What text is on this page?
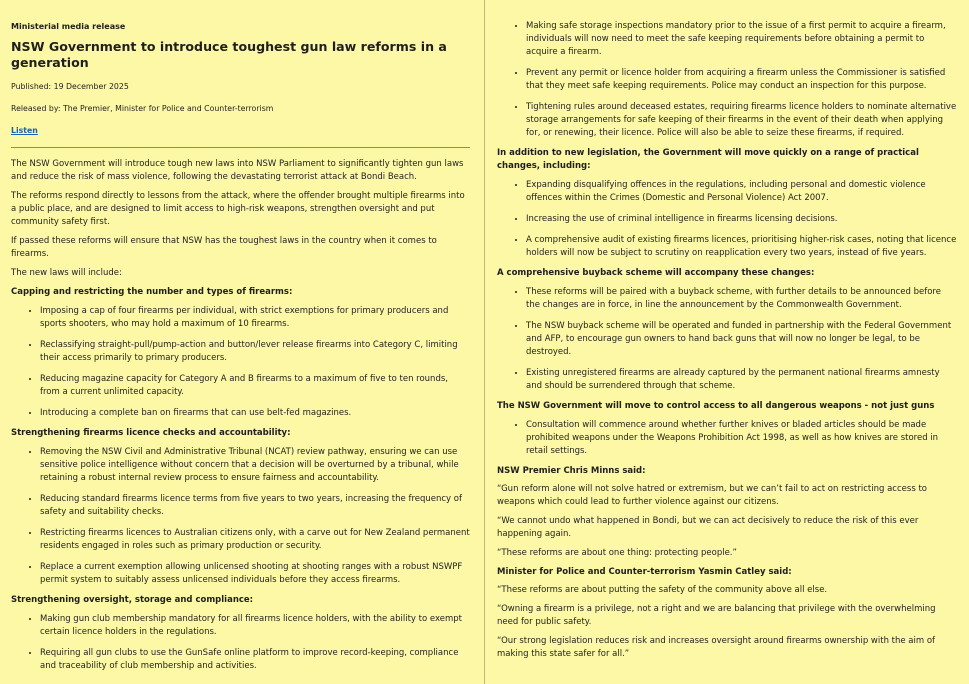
Ministerial media release
NSW Government to introduce toughest gun law reforms in a generation
Published: 19 December 2025
Released by: The Premier, Minister for Police and Counter-terrorism
Listen

The NSW Government will introduce tough new laws into NSW Parliament to significantly tighten gun laws and reduce the risk of mass violence, following the devastating terrorist attack at Bondi Beach.

The reforms respond directly to lessons from the attack, where the offender brought multiple firearms into a public place, and are designed to limit access to high-risk weapons, strengthen oversight and put community safety first.

If passed these reforms will ensure that NSW has the toughest laws in the country when it comes to firearms.

The new laws will include:

Capping and restricting the number and types of firearms:
• Imposing a cap of four firearms per individual, with strict exemptions for primary producers and sports shooters, who may hold a maximum of 10 firearms.
• Reclassifying straight-pull/pump-action and button/lever release firearms into Category C, limiting their access primarily to primary producers.
• Reducing magazine capacity for Category A and B firearms to a maximum of five to ten rounds, from a current unlimited capacity.
• Introducing a complete ban on firearms that can use belt-fed magazines.
Strengthening firearms licence checks and accountability:
• Removing the NSW Civil and Administrative Tribunal (NCAT) review pathway, ensuring we can use sensitive police intelligence without concern that a decision will be overturned by a tribunal, while retaining a robust internal review process to ensure fairness and accountability.
• Reducing standard firearms licence terms from five years to two years, increasing the frequency of safety and suitability checks.
• Restricting firearms licences to Australian citizens only, with a carve out for New Zealand permanent residents engaged in roles such as primary production or security.
• Replace a current exemption allowing unlicensed shooting at shooting ranges with a robust NSWPF permit system to suitably assess unlicensed individuals before they access firearms.
Strengthening oversight, storage and compliance:
• Making gun club membership mandatory for all firearms licence holders, with the ability to exempt certain licence holders in the regulations.
• Requiring all gun clubs to use the GunSafe online platform to improve record-keeping, compliance and traceability of club membership and activities.
• Making safe storage inspections mandatory prior to the issue of a first permit to acquire a firearm, individuals will now need to meet the safe keeping requirements before obtaining a permit to acquire a firearm.
• Prevent any permit or licence holder from acquiring a firearm unless the Commissioner is satisfied that they meet safe keeping requirements. Police may conduct an inspection for this purpose.
• Tightening rules around deceased estates, requiring firearms licence holders to nominate alternative storage arrangements for safe keeping of their firearms in the event of their death when applying for, or renewing, their licence. Police will also be able to seize these firearms, if required.
In addition to new legislation, the Government will move quickly on a range of practical changes, including:
• Expanding disqualifying offences in the regulations, including personal and domestic violence offences within the Crimes (Domestic and Personal Violence) Act 2007.
• Increasing the use of criminal intelligence in firearms licensing decisions.
• A comprehensive audit of existing firearms licences, prioritising higher-risk cases, noting that licence holders will now be subject to scrutiny on reapplication every two years, instead of five years.
A comprehensive buyback scheme will accompany these changes:
• These reforms will be paired with a buyback scheme, with further details to be announced before the changes are in force, in line the announcement by the Commonwealth Government.
• The NSW buyback scheme will be operated and funded in partnership with the Federal Government and AFP, to encourage gun owners to hand back guns that will now no longer be legal, to be destroyed.
• Existing unregistered firearms are already captured by the permanent national firearms amnesty and should be surrendered through that scheme.
The NSW Government will move to control access to all dangerous weapons - not just guns
• Consultation will commence around whether further knives or bladed articles should be made prohibited weapons under the Weapons Prohibition Act 1998, as well as how knives are stored in retail settings.
NSW Premier Chris Minns said:

“Gun reform alone will not solve hatred or extremism, but we can’t fail to act on restricting access to weapons which could lead to further violence against our citizens.

“We cannot undo what happened in Bondi, but we can act decisively to reduce the risk of this ever happening again.

“These reforms are about one thing: protecting people.”

Minister for Police and Counter-terrorism Yasmin Catley said:

“These reforms are about putting the safety of the community above all else.

“Owning a firearm is a privilege, not a right and we are balancing that privilege with the overwhelming need for public safety.

“Our strong legislation reduces risk and increases oversight around firearms ownership with the aim of making this state safer for all.”
